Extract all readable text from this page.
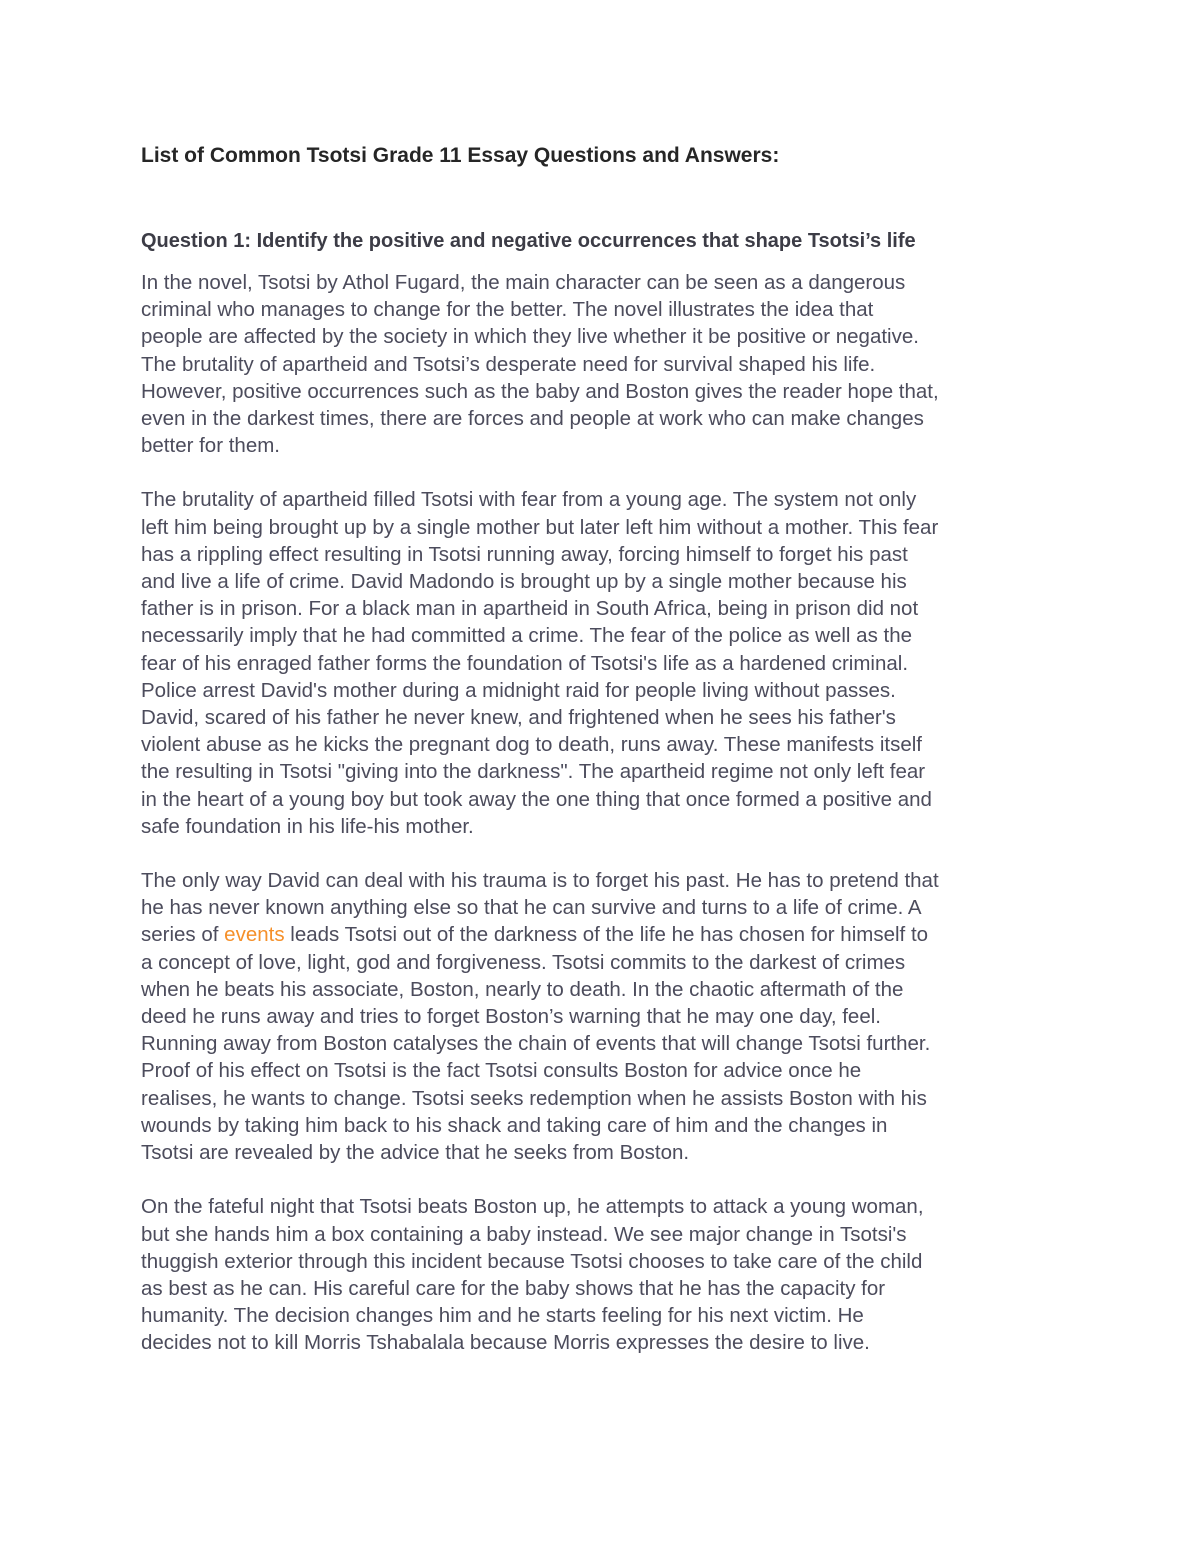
List of Common Tsotsi Grade 11 Essay Questions and Answers:
Question 1: Identify the positive and negative occurrences that shape Tsotsi’s life

In the novel, Tsotsi by Athol Fugard, the main character can be seen as a dangerous
criminal who manages to change for the better. The novel illustrates the idea that
people are affected by the society in which they live whether it be positive or negative.
The brutality of apartheid and Tsotsi’s desperate need for survival shaped his life.
However, positive occurrences such as the baby and Boston gives the reader hope that,
even in the darkest times, there are forces and people at work who can make changes
better for them.

The brutality of apartheid filled Tsotsi with fear from a young age. The system not only
left him being brought up by a single mother but later left him without a mother. This fear
has a rippling effect resulting in Tsotsi running away, forcing himself to forget his past
and live a life of crime. David Madondo is brought up by a single mother because his
father is in prison. For a black man in apartheid in South Africa, being in prison did not
necessarily imply that he had committed a crime. The fear of the police as well as the
fear of his enraged father forms the foundation of Tsotsi's life as a hardened criminal.
Police arrest David's mother during a midnight raid for people living without passes.
David, scared of his father he never knew, and frightened when he sees his father's
violent abuse as he kicks the pregnant dog to death, runs away. These manifests itself
the resulting in Tsotsi "giving into the darkness". The apartheid regime not only left fear
in the heart of a young boy but took away the one thing that once formed a positive and
safe foundation in his life-his mother.

The only way David can deal with his trauma is to forget his past. He has to pretend that
he has never known anything else so that he can survive and turns to a life of crime. A
series of events leads Tsotsi out of the darkness of the life he has chosen for himself to
a concept of love, light, god and forgiveness. Tsotsi commits to the darkest of crimes
when he beats his associate, Boston, nearly to death. In the chaotic aftermath of the
deed he runs away and tries to forget Boston’s warning that he may one day, feel.
Running away from Boston catalyses the chain of events that will change Tsotsi further.
Proof of his effect on Tsotsi is the fact Tsotsi consults Boston for advice once he
realises, he wants to change. Tsotsi seeks redemption when he assists Boston with his
wounds by taking him back to his shack and taking care of him and the changes in
Tsotsi are revealed by the advice that he seeks from Boston.

On the fateful night that Tsotsi beats Boston up, he attempts to attack a young woman,
but she hands him a box containing a baby instead. We see major change in Tsotsi's
thuggish exterior through this incident because Tsotsi chooses to take care of the child
as best as he can. His careful care for the baby shows that he has the capacity for
humanity. The decision changes him and he starts feeling for his next victim. He
decides not to kill Morris Tshabalala because Morris expresses the desire to live.
